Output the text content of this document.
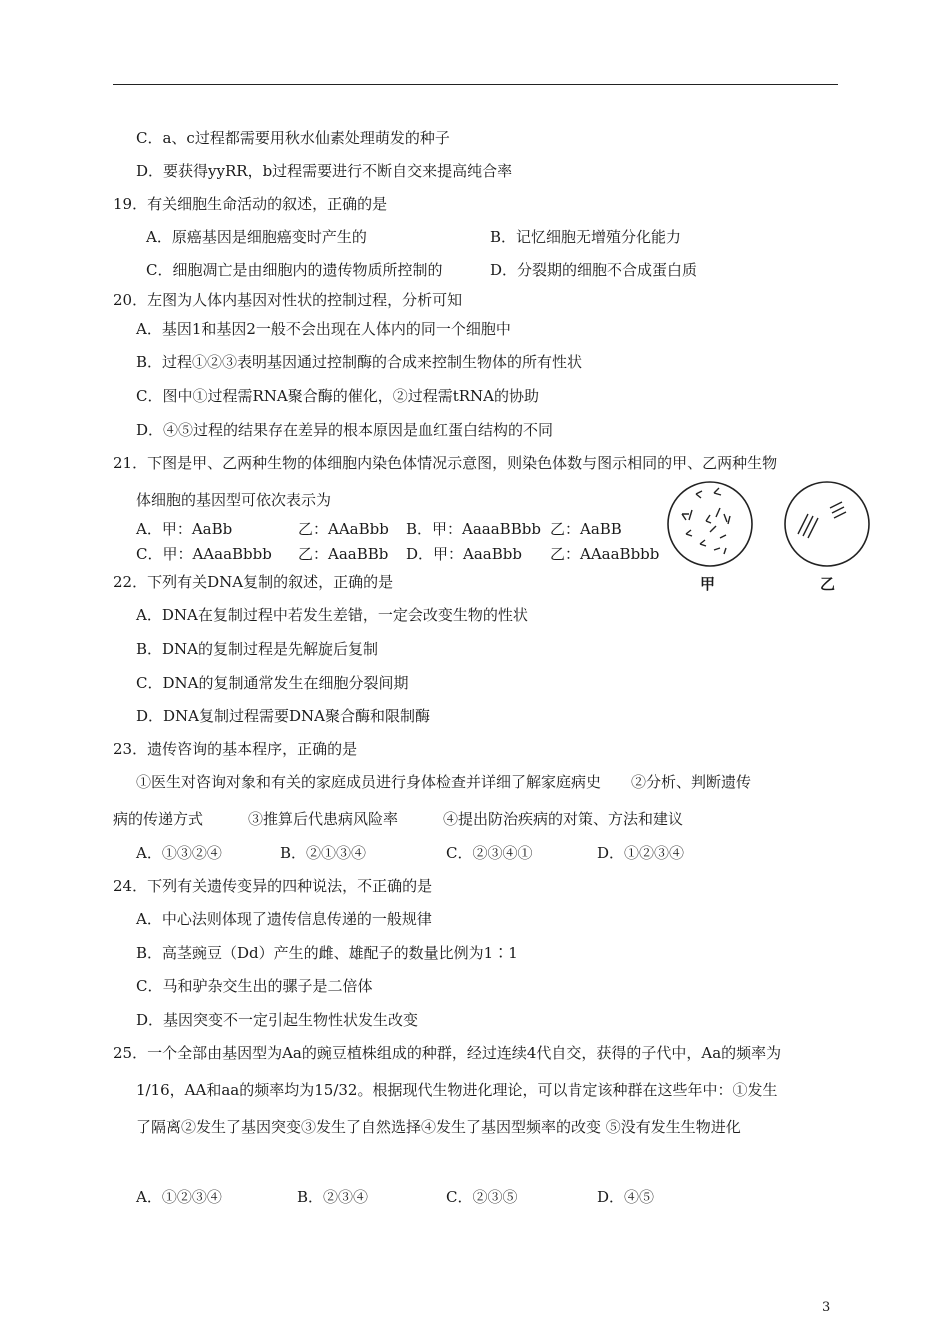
C．a、c过程都需要用秋水仙素处理萌发的种子
D．要获得yyRR，b过程需要进行不断自交来提高纯合率
19．有关细胞生命活动的叙述，正确的是
A．原癌基因是细胞癌变时产生的	B．记忆细胞无增殖分化能力
C．细胞凋亡是由细胞内的遗传物质所控制的	D．分裂期的细胞不合成蛋白质
20．左图为人体内基因对性状的控制过程，分析可知
A．基因1和基因2一般不会出现在人体内的同一个细胞中
B．过程①②③表明基因通过控制酶的合成来控制生物体的所有性状
C．图中①过程需RNA聚合酶的催化，②过程需tRNA的协助
D．④⑤过程的结果存在差异的根本原因是血红蛋白结构的不同
21．下图是甲、乙两种生物的体细胞内染色体情况示意图，则染色体数与图示相同的甲、乙两种生物
体细胞的基因型可依次表示为
A．甲：AaBb	乙：AAaBbb B．甲：AaaaBBbb 乙：AaBB
C．甲：AAaaBbbb 乙：AaaBBb D．甲：AaaBbb 乙：AAaaBbbb
甲	乙
22．下列有关DNA复制的叙述，正确的是
A．DNA在复制过程中若发生差错，一定会改变生物的性状
B．DNA的复制过程是先解旋后复制
C．DNA的复制通常发生在细胞分裂间期
D．DNA复制过程需要DNA聚合酶和限制酶
23．遗传咨询的基本程序，正确的是
①医生对咨询对象和有关的家庭成员进行身体检查并详细了解家庭病史　　②分析、判断遗传
病的传递方式　　　③推算后代患病风险率　　　④提出防治疾病的对策、方法和建议
A．①③②④	B．②①③④	C．②③④①	D．①②③④
24．下列有关遗传变异的四种说法，不正确的是
A．中心法则体现了遗传信息传递的一般规律
B．高茎豌豆（Dd）产生的雌、雄配子的数量比例为1∶1
C．马和驴杂交生出的骡子是二倍体
D．基因突变不一定引起生物性状发生改变
25．一个全部由基因型为Aa的豌豆植株组成的种群，经过连续4代自交，获得的子代中，Aa的频率为
1/16，AA和aa的频率均为15/32。根据现代生物进化理论，可以肯定该种群在这些年中：①发生
了隔离②发生了基因突变③发生了自然选择④发生了基因型频率的改变 ⑤没有发生生物进化
A．①②③④	B．②③④	C．②③⑤	D．④⑤
3
